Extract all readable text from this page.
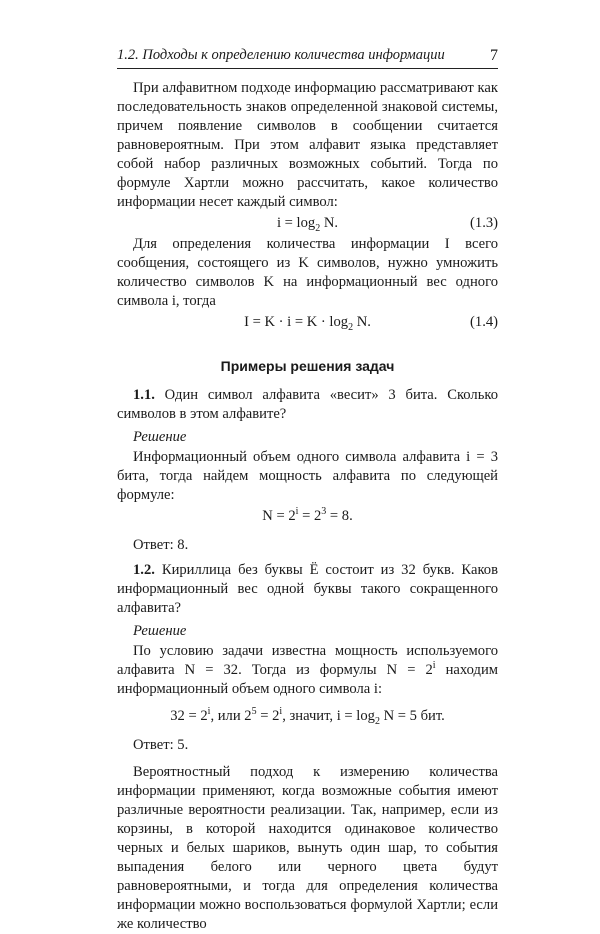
1.2. Подходы к определению количества информации	7

При алфавитном подходе информацию рассматривают как последовательность знаков определенной знаковой системы, причем появление символов в сообщении считается равновероятным. При этом алфавит языка представляет собой набор различных возможных событий. Тогда по формуле Хартли можно рассчитать, какое количество информации несет каждый символ:

$i = \log_2 N$.	(1.3)

Для определения количества информации I всего сообщения, состоящего из K символов, нужно умножить количество символов K на информационный вес одного символа i, тогда

$I = K \cdot i = K \cdot \log_2 N$.	(1.4)
Примеры решения задач

1.1. Один символ алфавита «весит» 3 бита. Сколько символов в этом алфавите?

Решение

Информационный объем одного символа алфавита i = 3 бита, тогда найдем мощность алфавита по следующей формуле:

$N = 2^i = 2^3 = 8$.

Ответ: 8.

1.2. Кириллица без буквы Ё состоит из 32 букв. Каков информационный вес одной буквы такого сокращенного алфавита?

Решение

По условию задачи известна мощность используемого алфавита N = 32. Тогда из формулы $N = 2^i$ находим информационный объем одного символа i:

$32 = 2^i$, или $2^5 = 2^i$, значит, $i = \log_2 N = 5$ бит.

Ответ: 5.

Вероятностный подход к измерению количества информации применяют, когда возможные события имеют различные вероятности реализации. Так, например, если из корзины, в которой находится одинаковое количество черных и белых шариков, вынуть один шар, то события выпадения белого или черного цвета будут равновероятными, и тогда для определения количества информации можно воспользоваться формулой Хартли; если же количество
